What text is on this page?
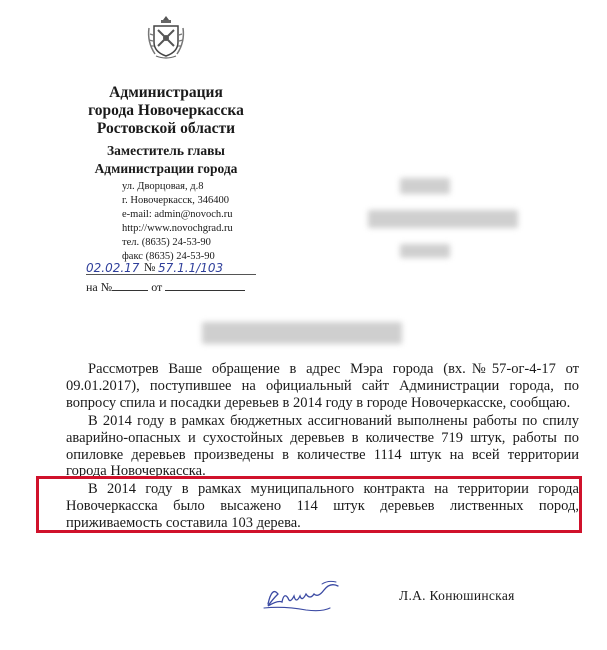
Администрация
города Новочеркасска
Ростовской области
Заместитель главы
Администрации города
ул. Дворцовая, д.8
г. Новочеркасск, 346400
e-mail: admin@novoch.ru
http://www.novochgrad.ru
тел. (8635) 24-53-90
факс (8635) 24-53-90
02.02.17 № 57.1.1/103
на №	от
Рассмотрев Ваше обращение в адрес Мэра города (вх.№57-ог-4-17 от 09.01.2017), поступившее на официальный сайт Администрации города, по вопросу спила и посадки деревьев в 2014 году в городе Новочеркасске, сообщаю.
В 2014 году в рамках бюджетных ассигнований выполнены работы по спилу аварийно-опасных и сухостойных деревьев в количестве 719 штук, работы по опиловке деревьев произведены в количестве 1114 штук на всей территории города Новочеркасска.
В 2014 году в рамках муниципального контракта на территории города Новочеркасска было высажено 114 штук деревьев лиственных пород, приживаемость составила 103 дерева.
Л.А. Конюшинская
